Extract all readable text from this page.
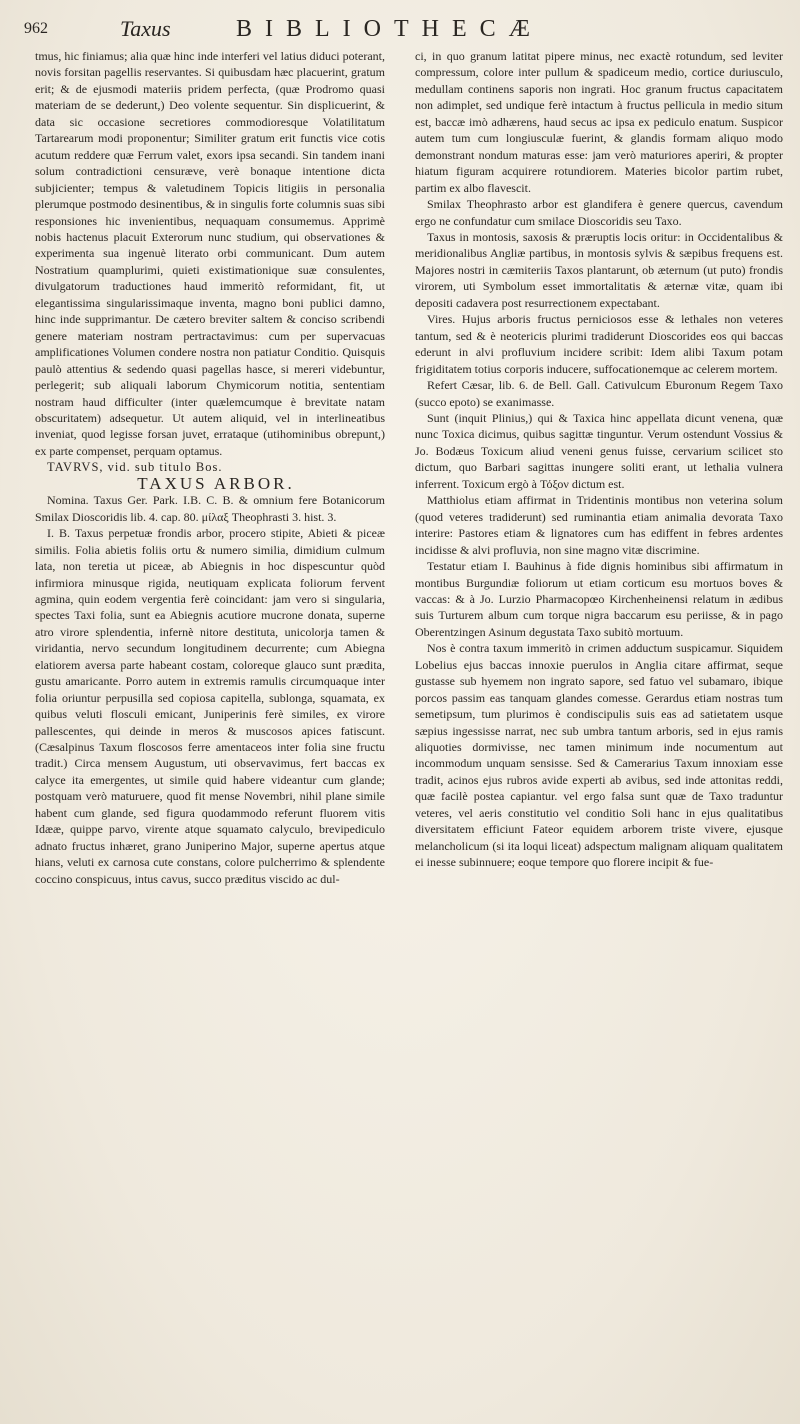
962	Taxus	BIBLIOTHECÆ

tmus, hic finiamus; alia quæ hinc inde interferi vel latius diduci poterant, novis forsitan pagellis reservantes. Si quibusdam hæc placuerint, gratum erit; & de ejusmodi materiis pridem perfecta, (quæ Prodromo quasi materiam de se dederunt,) Deo volente sequentur. Sin displicuerint, & data sic occasione secretiores commodioresque Volatilitatum Tartarearum modi proponentur; Similiter gratum erit functis vice cotis acutum reddere quæ Ferrum valet, exors ipsa secandi. Sin tandem inani solum contradictioni censuræve, verè bonaque intentione dicta subjicienter; tempus & valetudinem Topicis litigiis in personalia plerumque postmodo desinentibus, & in singulis forte columnis suas sibi responsiones hic invenientibus, nequaquam consumemus. Apprimè nobis hactenus placuit Exterorum nunc studium, qui observationes & experimenta sua ingenuè literato orbi communicant. Dum autem Nostratium quamplurimi, quieti existimationique suæ consulentes, divulgatorum traductiones haud immeritò reformidant, fit, ut elegantissima singularissimaque inventa, magno boni publici damno, hinc inde supprimantur. De cætero breviter saltem & conciso scribendi genere materiam nostram pertractavimus: cum per supervacuas amplificationes Volumen condere nostra non patiatur Conditio. Quisquis paulò attentius & sedendo quasi pagellas hasce, si mereri videbuntur, perlegerit; sub aliquali laborum Chymicorum notitia, sententiam nostram haud difficulter (inter quælemcumque è brevitate natam obscuritatem) adsequetur. Ut autem aliquid, vel in interlineatibus inveniat, quod legisse forsan juvet, errataque (utihominibus obrepunt,) ex parte compenset, perquam optamus.

TAVRVS, vid. sub titulo Bos.

TAXUS ARBOR.

Nomina. Taxus Ger. Park. I.B. C. B. & omnium fere Botanicorum Smilax Dioscoridis lib. 4. cap. 80. μίλαξ Theophrasti 3. hist. 3.

I. B. Taxus perpetuæ frondis arbor, procero stipite, Abieti & piceæ similis. Folia abietis foliis ortu & numero similia, dimidium culmum lata, non teretia ut piceæ, ab Abiegnis in hoc dispescuntur quòd infirmiora minusque rigida, neutiquam explicata foliorum fervent agmina, quin eodem vergentia ferè coincidant: jam vero si singularia, spectes Taxi folia, sunt ea Abiegnis acutiore mucrone donata, superne atro virore splendentia, infernè nitore destituta, unicolorja tamen & viridantia, nervo secundum longitudinem decurrente; cum Abiegna elatiorem aversa parte habeant costam, coloreque glauco sunt prædita, gustu amaricante. Porro autem in extremis ramulis circumquaque inter folia oriuntur perpusilla sed copiosa capitella, sublonga, squamata, ex quibus veluti flosculi emicant, Juniperinis ferè similes, ex virore pallescentes, qui deinde in meros & muscosos apices fatiscunt. (Cæsalpinus Taxum floscosos ferre amentaceos inter folia sine fructu tradit.) Circa mensem Augustum, uti observavimus, fert baccas ex calyce ita emergentes, ut simile quid habere videantur cum glande; postquam verò maturuere, quod fit mense Novembri, nihil plane simile habent cum glande, sed figura quodammodo referunt fluorem vitis Idææ, quippe parvo, virente atque squamato calyculo, brevipediculo adnato fructus inhæret, grano Juniperino Major, superne apertus atque hians, veluti ex carnosa cute constans, colore pulcherrimo & splendente coccino conspicuus, intus cavus, succo præditus viscido ac dul-

ci, in quo granum latitat pipere minus, nec exactè rotundum, sed leviter compressum, colore inter pullum & spadiceum medio, cortice duriusculo, medullam continens saporis non ingrati. Hoc granum fructus capacitatem non adimplet, sed undique ferè intactum à fructus pellicula in medio situm est, baccæ imò adhærens, haud secus ac ipsa ex pediculo enatum. Suspicor autem tum cum longiusculæ fuerint, & glandis formam aliquo modo demonstrant nondum maturas esse: jam verò maturiores aperiri, & propter hiatum figuram acquirere rotundiorem. Materies bicolor partim rubet, partim ex albo flavescit.

Smilax Theophrasto arbor est glandifera è genere quercus, cavendum ergo ne confundatur cum smilace Dioscoridis seu Taxo.

Taxus in montosis, saxosis & præruptis locis oritur: in Occidentalibus & meridionalibus Angliæ partibus, in montosis sylvis & sæpibus frequens est. Majores nostri in cæmiteriis Taxos plantarunt, ob æternum (ut puto) frondis virorem, uti Symbolum esset immortalitatis & æternæ vitæ, quam ibi depositi cadavera post resurrectionem expectabant.

Vires. Hujus arboris fructus perniciosos esse & lethales non veteres tantum, sed & è neotericis plurimi tradiderunt Dioscorides eos qui baccas ederunt in alvi profluvium incidere scribit: Idem alibi Taxum potam frigiditatem totius corporis inducere, suffocationemque ac celerem mortem.

Refert Cæsar, lib. 6. de Bell. Gall. Cativulcum Eburonum Regem Taxo (succo epoto) se exanimasse.

Sunt (inquit Plinius,) qui & Taxica hinc appellata dicunt venena, quæ nunc Toxica dicimus, quibus sagittæ tinguntur. Verum ostendunt Vossius & Jo. Bodæus Toxicum aliud veneni genus fuisse, cervarium scilicet sto dictum, quo Barbari sagittas inungere soliti erant, ut lethalia vulnera inferrent. Toxicum ergò à Τόξον dictum est.

Matthiolus etiam affirmat in Tridentinis montibus non veterina solum (quod veteres tradiderunt) sed ruminantia etiam animalia devorata Taxo interire: Pastores etiam & lignatores cum has ediffent in febres ardentes incidisse & alvi profluvia, non sine magno vitæ discrimine.

Testatur etiam I. Bauhinus à fide dignis hominibus sibi affirmatum in montibus Burgundiæ foliorum ut etiam corticum esu mortuos boves & vaccas: & à Jo. Lurzio Pharmacopœo Kirchenheinensi relatum in ædibus suis Turturem album cum torque nigra baccarum esu periisse, & in pago Oberentzingen Asinum degustata Taxo subitò mortuum.

Nos è contra taxum immeritò in crimen adductum suspicamur. Siquidem Lobelius ejus baccas innoxie puerulos in Anglia citare affirmat, seque gustasse sub hyemem non ingrato sapore, sed fatuo vel subamaro, ibique porcos passim eas tanquam glandes comesse. Gerardus etiam nostras tum semetipsum, tum plurimos è condiscipulis suis eas ad satietatem usque sæpius ingessisse narrat, nec sub umbra tantum arboris, sed in ejus ramis aliquoties dormivisse, nec tamen minimum inde nocumentum aut incommodum unquam sensisse. Sed & Camerarius Taxum innoxiam esse tradit, acinos ejus rubros avide experti ab avibus, sed inde attonitas reddi, quæ facilè postea capiantur. vel ergo falsa sunt quæ de Taxo traduntur veteres, vel aeris constitutio vel conditio Soli hanc in ejus qualitatibus diversitatem efficiunt Fateor equidem arborem triste vivere, ejusque melancholicum (si ita loqui liceat) adspectum malignam aliquam qualitatem ei inesse subinnuere; eoque tempore quo florere incipit & fue-
